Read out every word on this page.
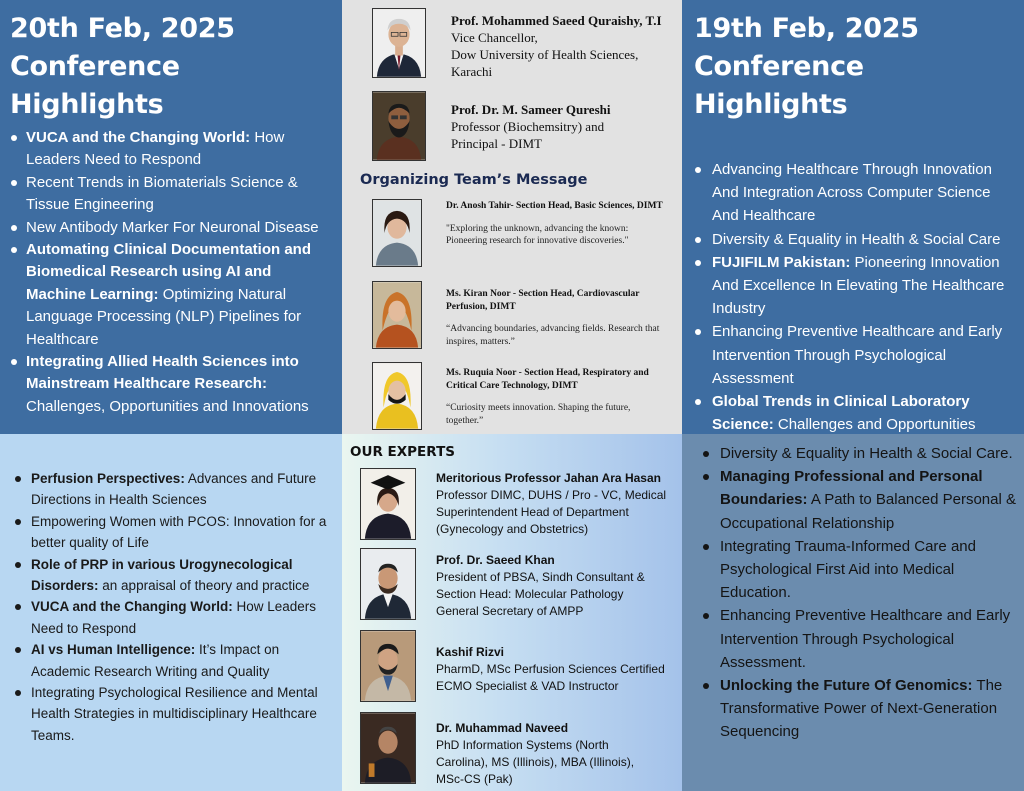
20th Feb, 2025
Conference Highlights
VUCA and the Changing World: How Leaders Need to Respond
Recent Trends in Biomaterials Science & Tissue Engineering
New Antibody Marker For Neuronal Disease
Automating Clinical Documentation and Biomedical Research using AI and Machine Learning: Optimizing Natural Language Processing (NLP) Pipelines for Healthcare
Integrating Allied Health Sciences into Mainstream Healthcare Research: Challenges, Opportunities and Innovations
Prof. Mohammed Saeed Quraishy, T.I
Vice Chancellor,
Dow University of Health Sciences,
Karachi
Prof. Dr. M. Sameer Qureshi
Professor (Biochemsitry) and
Principal - DIMT
Organizing Team’s Message
Dr. Anosh Tahir- Section Head, Basic Sciences, DIMT
"Exploring the unknown, advancing the known: Pioneering research for innovative discoveries."
Ms. Kiran Noor - Section Head, Cardiovascular Perfusion, DIMT
“Advancing boundaries, advancing fields. Research that inspires, matters.”
Ms. Ruquia Noor - Section Head, Respiratory and Critical Care Technology, DIMT
“Curiosity meets innovation. Shaping the future, together.”
19th Feb, 2025
Conference Highlights
Advancing Healthcare Through Innovation And Integration Across Computer Science And Healthcare
Diversity & Equality in Health & Social Care
FUJIFILM Pakistan: Pioneering Innovation And Excellence In Elevating The Healthcare Industry
Enhancing Preventive Healthcare and Early Intervention Through Psychological Assessment
Global Trends in Clinical Laboratory Science: Challenges and Opportunities
Perfusion Perspectives: Advances and Future Directions in Health Sciences
Empowering Women with PCOS: Innovation for a better quality of Life
Role of PRP in various Urogynecological Disorders: an appraisal of theory and practice
VUCA and the Changing World: How Leaders Need to Respond
AI vs Human Intelligence: It’s Impact on Academic Research Writing and Quality
Integrating Psychological Resilience and Mental Health Strategies in multidisciplinary Healthcare Teams.
OUR EXPERTS
Meritorious Professor Jahan Ara Hasan
Professor DIMC, DUHS / Pro - VC, Medical
Superintendent Head of Department
(Gynecology and Obstetrics)
Prof. Dr. Saeed Khan
President of PBSA, Sindh Consultant &
Section Head: Molecular Pathology
General Secretary of AMPP
Kashif Rizvi
PharmD, MSc Perfusion Sciences Certified
ECMO Specialist & VAD Instructor
Dr. Muhammad Naveed
PhD Information Systems (North
Carolina), MS (Illinois), MBA (Illinois),
MSc-CS (Pak)
Diversity & Equality in Health & Social Care.
Managing Professional and Personal Boundaries: A Path to Balanced Personal & Occupational Relationship
Integrating Trauma-Informed Care and Psychological First Aid into Medical Education.
Enhancing Preventive Healthcare and Early Intervention Through Psychological Assessment.
Unlocking the Future Of Genomics: The Transformative Power of Next-Generation Sequencing
